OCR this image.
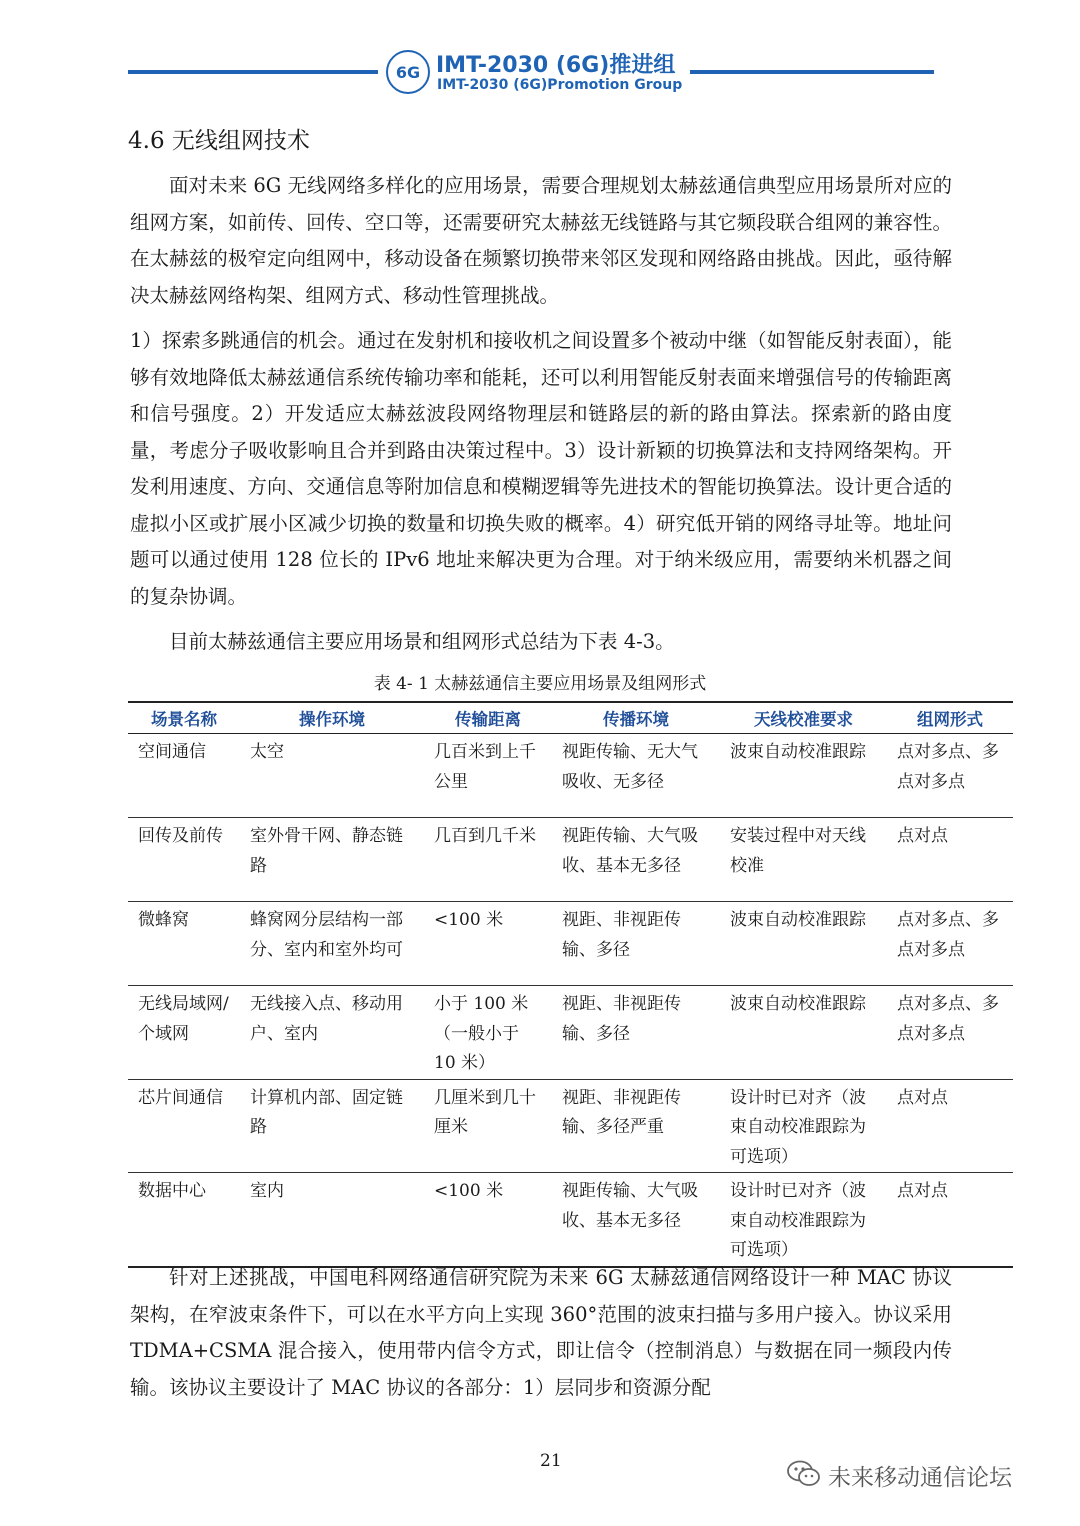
6G IMT-2030 (6G)推进组
IMT-2030 (6G)Promotion Group
4.6 无线组网技术

面对未来 6G 无线网络多样化的应用场景，需要合理规划太赫兹通信典型应用场景所对应的组网方案，如前传、回传、空口等，还需要研究太赫兹无线链路与其它频段联合组网的兼容性。在太赫兹的极窄定向组网中，移动设备在频繁切换带来邻区发现和网络路由挑战。因此，亟待解决太赫兹网络构架、组网方式、移动性管理挑战。

1）探索多跳通信的机会。通过在发射机和接收机之间设置多个被动中继（如智能反射表面），能够有效地降低太赫兹通信系统传输功率和能耗，还可以利用智能反射表面来增强信号的传输距离和信号强度。2）开发适应太赫兹波段网络物理层和链路层的新的路由算法。探索新的路由度量，考虑分子吸收影响且合并到路由决策过程中。3）设计新颖的切换算法和支持网络架构。开发利用速度、方向、交通信息等附加信息和模糊逻辑等先进技术的智能切换算法。设计更合适的虚拟小区或扩展小区减少切换的数量和切换失败的概率。4）研究低开销的网络寻址等。地址问题可以通过使用 128 位长的 IPv6 地址来解决更为合理。对于纳米级应用，需要纳米机器之间的复杂协调。

目前太赫兹通信主要应用场景和组网形式总结为下表 4-3。

表 4- 1 太赫兹通信主要应用场景及组网形式
场景名称	操作环境	传输距离	传播环境	天线校准要求	组网形式
空间通信	太空	几百米到上千公里	视距传输、无大气吸收、无多径	波束自动校准跟踪	点对多点、多点对多点
回传及前传	室外骨干网、静态链路	几百到几千米	视距传输、大气吸收、基本无多径	安装过程中对天线校准	点对点
微蜂窝	蜂窝网分层结构一部分、室内和室外均可	<100 米	视距、非视距传输、多径	波束自动校准跟踪	点对多点、多点对多点
无线局域网/个域网	无线接入点、移动用户、室内	小于 100 米（一般小于 10 米）	视距、非视距传输、多径	波束自动校准跟踪	点对多点、多点对多点
芯片间通信	计算机内部、固定链路	几厘米到几十厘米	视距、非视距传输、多径严重	设计时已对齐（波束自动校准跟踪为可选项）	点对点
数据中心	室内	<100 米	视距传输、大气吸收、基本无多径	设计时已对齐（波束自动校准跟踪为可选项）	点对点

针对上述挑战，中国电科网络通信研究院为未来 6G 太赫兹通信网络设计一种 MAC 协议架构，在窄波束条件下，可以在水平方向上实现 360°范围的波束扫描与多用户接入。协议采用 TDMA+CSMA 混合接入，使用带内信令方式，即让信令（控制消息）与数据在同一频段内传输。该协议主要设计了 MAC 协议的各部分：1）层同步和资源分配

21
未来移动通信论坛
